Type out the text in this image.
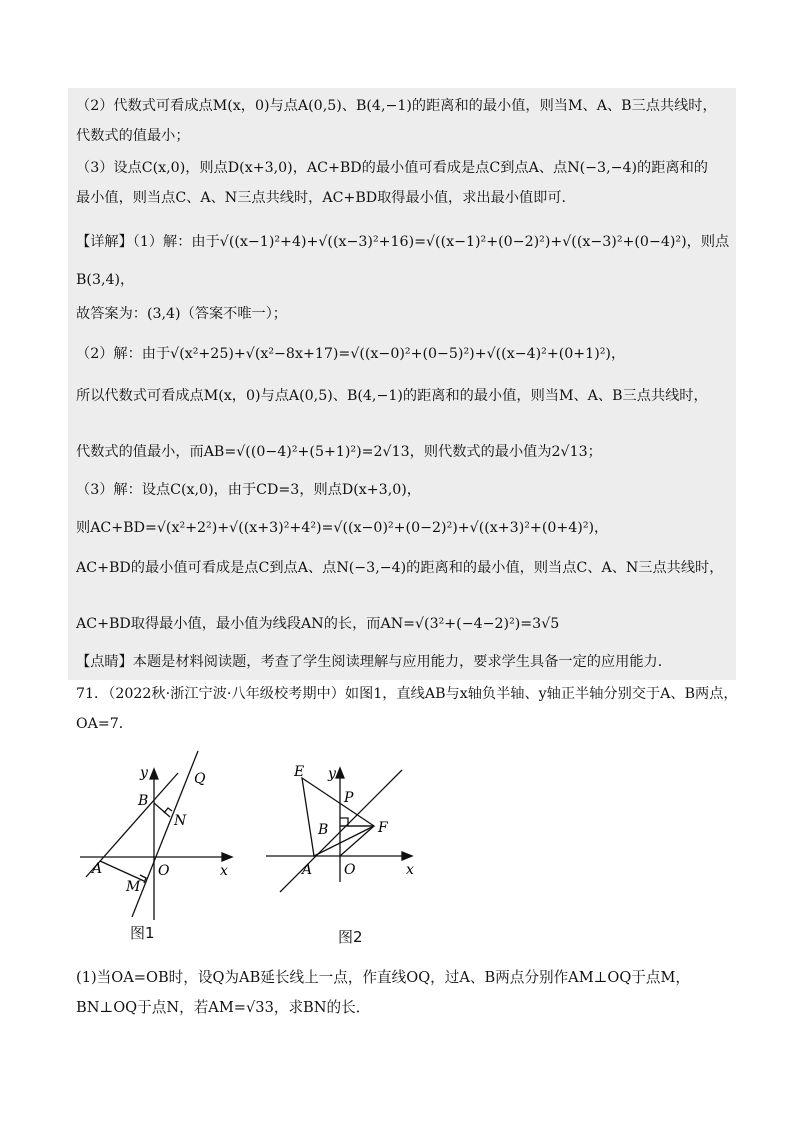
（2）代数式可看成点M(x，0)与点A(0,5)、B(4,−1)的距离和的最小值，则当M、A、B三点共线时，
代数式的值最小；
（3）设点C(x,0)，则点D(x+3,0)，AC+BD的最小值可看成是点C到点A、点N(−3,−4)的距离和的
最小值，则当点C、A、N三点共线时，AC+BD取得最小值，求出最小值即可．
【详解】（1）解：由于√((x−1)²+4)+√((x−3)²+16)=√((x−1)²+(0−2)²)+√((x−3)²+(0−4)²)，则点
B(3,4)，
故答案为：(3,4)（答案不唯一）；
（2）解：由于√(x²+25)+√(x²−8x+17)=√((x−0)²+(0−5)²)+√((x−4)²+(0+1)²)，
所以代数式可看成点M(x，0)与点A(0,5)、B(4,−1)的距离和的最小值，则当M、A、B三点共线时，
代数式的值最小，而AB=√((0−4)²+(5+1)²)=2√13，则代数式的最小值为2√13；
（3）解：设点C(x,0)，由于CD=3，则点D(x+3,0)，
则AC+BD=√(x²+2²)+√((x+3)²+4²)=√((x−0)²+(0−2)²)+√((x+3)²+(0+4)²)，
AC+BD的最小值可看成是点C到点A、点N(−3,−4)的距离和的最小值，则当点C、A、N三点共线时，
AC+BD取得最小值，最小值为线段AN的长，而AN=√(3²+(−4−2)²)=3√5
【点睛】本题是材料阅读题，考查了学生阅读理解与应用能力，要求学生具备一定的应用能力．
71．（2022秋·浙江宁波·八年级校考期中）如图1，直线AB与x轴负半轴、y轴正半轴分别交于A、B两点，
OA=7．
y
x
O
A
B
Q
N
M
图1
y
x
O
A
B
E
P
F
图2
(1)当OA=OB时，设Q为AB延长线上一点，作直线OQ，过A、B两点分别作AM⊥OQ于点M，
BN⊥OQ于点N，若AM=√33，求BN的长．
